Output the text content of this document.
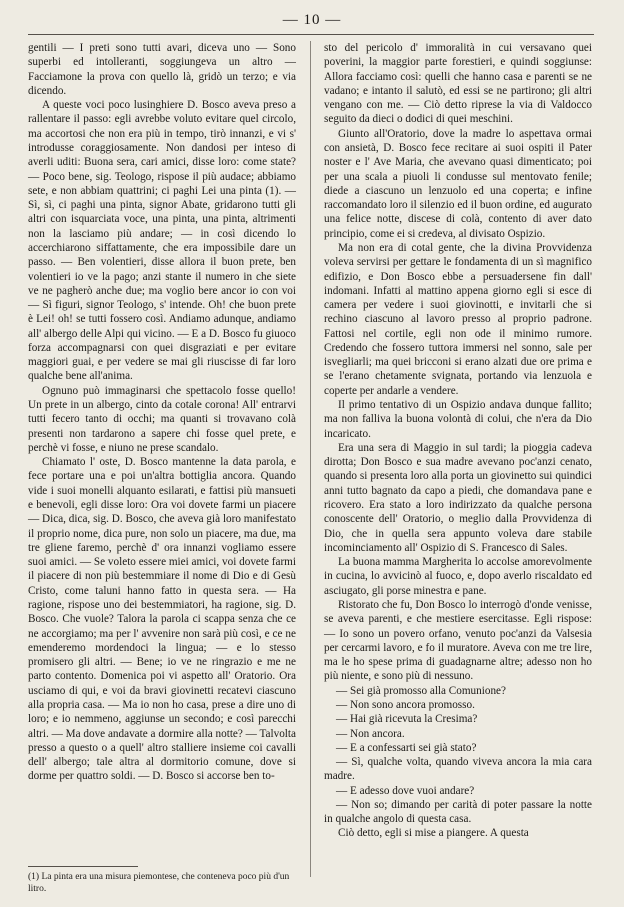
— 10 —

gentili — I preti sono tutti avari, diceva uno — Sono superbi ed intolleranti, soggiungeva un altro — Facciamone la prova con quello là, gridò un terzo; e via dicendo.

A queste voci poco lusinghiere D. Bosco aveva preso a rallentare il passo: egli avrebbe voluto evitare quel circolo, ma accortosi che non era più in tempo, tirò innanzi, e vi s' introdusse coraggiosamente. Non dandosi per inteso di averli uditi: Buona sera, cari amici, disse loro: come state? — Poco bene, sig. Teologo, rispose il più audace; abbiamo sete, e non abbiam quattrini; ci paghi Lei una pinta (1). — Sì, sì, ci paghi una pinta, signor Abate, gridarono tutti gli altri con isquarciata voce, una pinta, una pinta, altrimenti non la lasciamo più andare; — in così dicendo lo accerchiarono siffattamente, che era impossibile dare un passo. — Ben volentieri, disse allora il buon prete, ben volentieri io ve la pago; anzi stante il numero in che siete ve ne pagherò anche due; ma voglio bere ancor io con voi — Sì figuri, signor Teologo, s' intende. Oh! che buon prete è Lei! oh! se tutti fossero così. Andiamo adunque, andiamo all' albergo delle Alpi qui vicino. — E a D. Bosco fu giuoco forza accompagnarsi con quei disgraziati e per evitare maggiori guai, e per vedere se mai gli riuscisse di far loro qualche bene all'anima.

Ognuno può immaginarsi che spettacolo fosse quello! Un prete in un albergo, cinto da cotale corona! All' entrarvi tutti fecero tanto di occhi; ma quanti si trovavano colà presenti non tardarono a sapere chi fosse quel prete, e perchè vi fosse, e niuno ne prese scandalo.

Chiamato l' oste, D. Bosco mantenne la data parola, e fece portare una e poi un'altra bottiglia ancora. Quando vide i suoi monelli alquanto esilarati, e fattisi più mansueti e benevoli, egli disse loro: Ora voi dovete farmi un piacere — Dica, dica, sig. D. Bosco, che aveva già loro manifestato il proprio nome, dica pure, non solo un piacere, ma due, ma tre gliene faremo, perchè d' ora innanzi vogliamo essere suoi amici. — Se voleto essere miei amici, voi dovete farmi il piacere di non più bestemmiare il nome di Dio e di Gesù Cristo, come taluni hanno fatto in questa sera. — Ha ragione, rispose uno dei bestemmiatori, ha ragione, sig. D. Bosco. Che vuole? Talora la parola ci scappa senza che ce ne accorgiamo; ma per l' avvenire non sarà più così, e ce ne emenderemo mordendoci la lingua; — e lo stesso promisero gli altri. — Bene; io ve ne ringrazio e me ne parto contento. Domenica poi vi aspetto all' Oratorio. Ora usciamo di qui, e voi da bravi giovinetti recatevi ciascuno alla propria casa. — Ma io non ho casa, prese a dire uno di loro; e io nemmeno, aggiunse un secondo; e così parecchi altri. — Ma dove andavate a dormire alla notte? — Talvolta presso a questo o a quell' altro stalliere insieme coi cavalli dell' albergo; tale altra al dormitorio comune, dove si dorme per quattro soldi. — D. Bosco si accorse ben to-

sto del pericolo d' immoralità in cui versavano quei poverini, la maggior parte forestieri, e quindi soggiunse: Allora facciamo così: quelli che hanno casa e parenti se ne vadano; e intanto il salutò, ed essi se ne partirono; gli altri vengano con me. — Ciò detto riprese la via di Valdocco seguito da dieci o dodici di quei meschini.

Giunto all'Oratorio, dove la madre lo aspettava ormai con ansietà, D. Bosco fece recitare ai suoi ospiti il Pater noster e l' Ave Maria, che avevano quasi dimenticato; poi per una scala a piuoli li condusse sul mentovato fenile; diede a ciascuno un lenzuolo ed una coperta; e infine raccomandato loro il silenzio ed il buon ordine, ed augurato una felice notte, discese di colà, contento di aver dato principio, come ei si credeva, al divisato Ospizio.

Ma non era di cotal gente, che la divina Provvidenza voleva servirsi per gettare le fondamenta di un sì magnifico edifizio, e Don Bosco ebbe a persuadersene fin dall' indomani. Infatti al mattino appena giorno egli si esce di camera per vedere i suoi giovinotti, e invitarli che si rechino ciascuno al lavoro presso al proprio padrone. Fattosi nel cortile, egli non ode il minimo rumore. Credendo che fossero tuttora immersi nel sonno, sale per isvegliarli; ma quei bricconi si erano alzati due ore prima e se l'erano chetamente svignata, portando via lenzuola e coperte per andarle a vendere.

Il primo tentativo di un Ospizio andava dunque fallito; ma non falliva la buona volontà di colui, che n'era da Dio incaricato.

Era una sera di Maggio in sul tardi; la pioggia cadeva dirotta; Don Bosco e sua madre avevano poc'anzi cenato, quando si presenta loro alla porta un giovinetto sui quindici anni tutto bagnato da capo a piedi, che domandava pane e ricovero. Era stato a loro indirizzato da qualche persona conoscente dell' Oratorio, o meglio dalla Provvidenza di Dio, che in quella sera appunto voleva dare stabile incominciamento all' Ospizio di S. Francesco di Sales.

La buona mamma Margherita lo accolse amorevolmente in cucina, lo avvicinò al fuoco, e, dopo averlo riscaldato ed asciugato, gli porse minestra e pane.

Ristorato che fu, Don Bosco lo interrogò d'onde venisse, se aveva parenti, e che mestiere esercitasse. Egli rispose: — Io sono un povero orfano, venuto poc'anzi da Valsesia per cercarmi lavoro, e fo il muratore. Aveva con me tre lire, ma le ho spese prima di guadagnarne altre; adesso non ho più niente, e sono più di nessuno.

— Sei già promosso alla Comunione?

— Non sono ancora promosso.

— Hai già ricevuta la Cresima?

— Non ancora.

— E a confessarti sei già stato?

— Sì, qualche volta, quando viveva ancora la mia cara madre.

— E adesso dove vuoi andare?

— Non so; dimando per carità di poter passare la notte in qualche angolo di questa casa.

Ciò detto, egli si mise a piangere. A questa

(1) La pinta era una misura piemontese, che conteneva poco più d'un litro.
